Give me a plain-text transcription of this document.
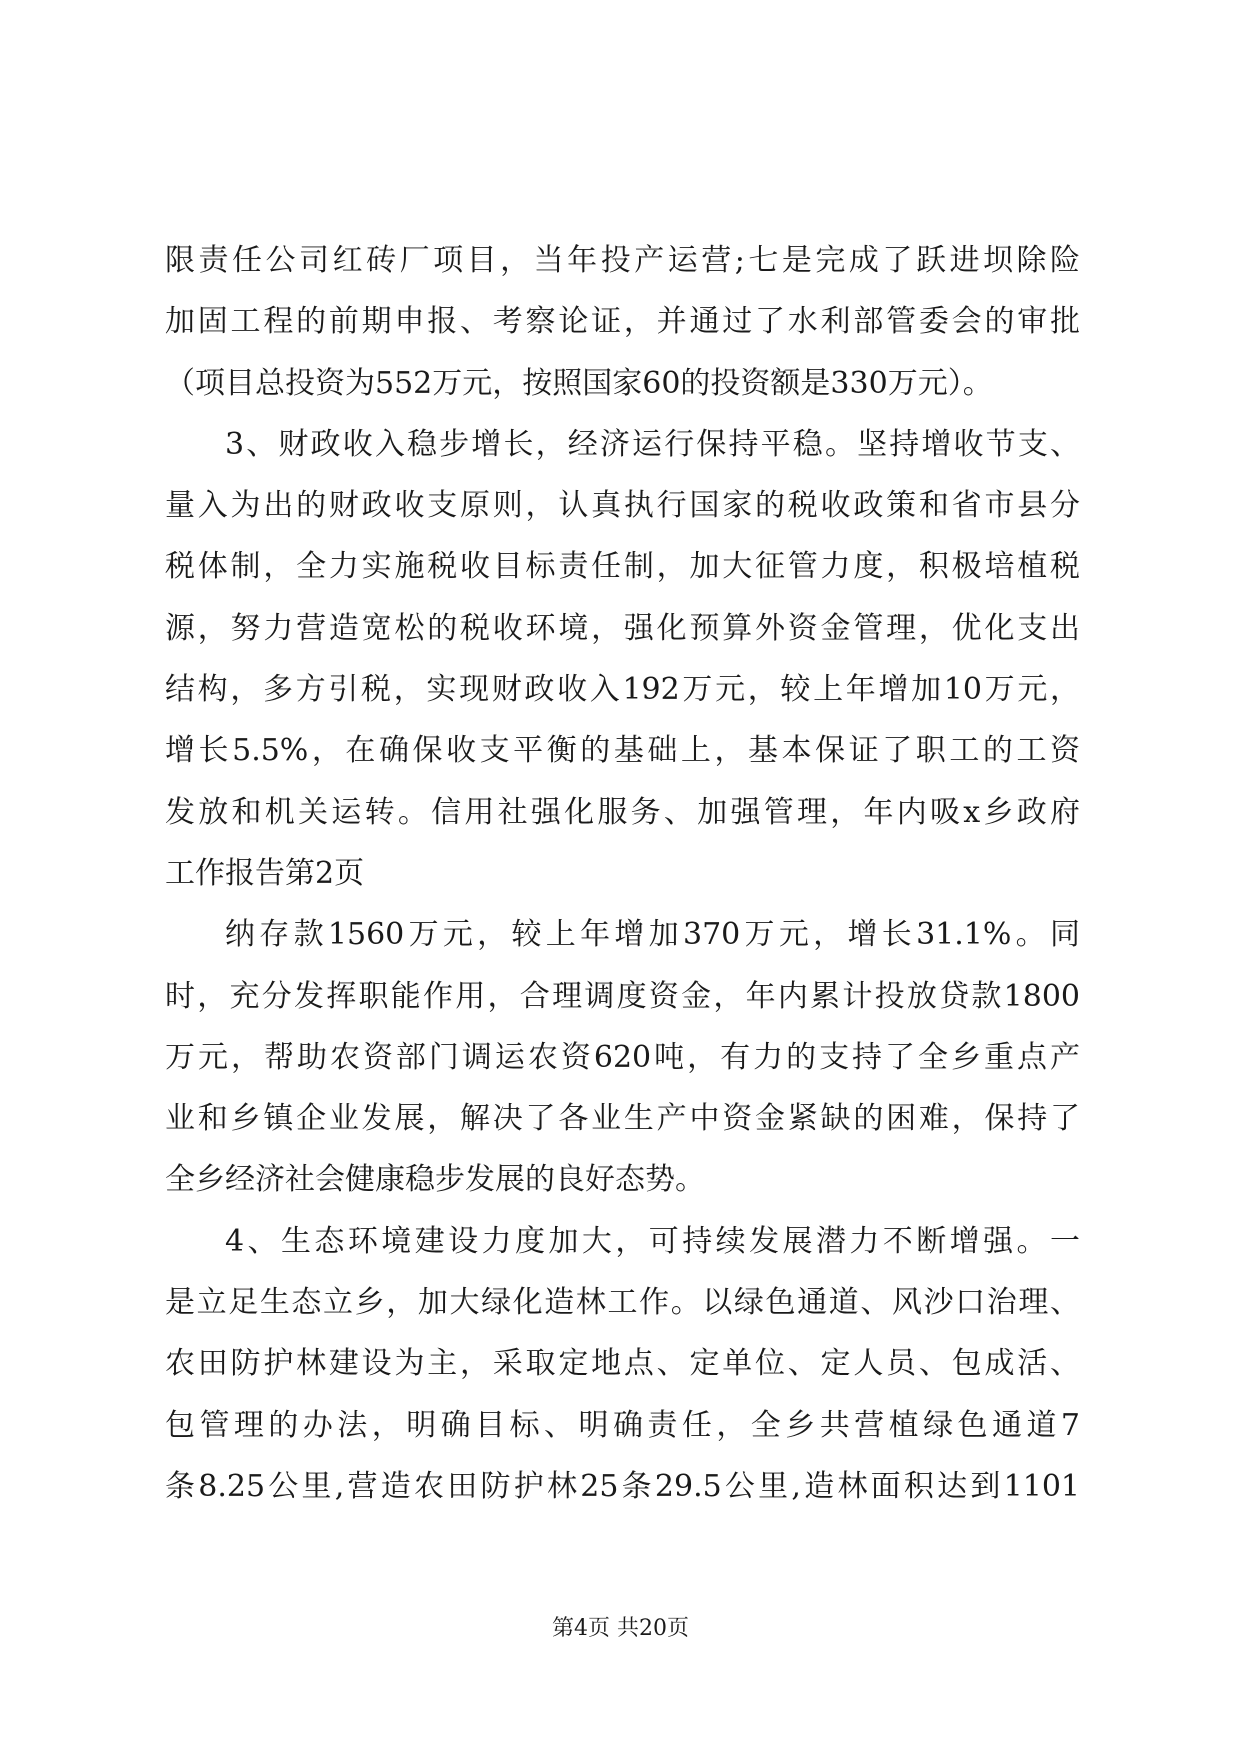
限责任公司红砖厂项目，当年投产运营;七是完成了跃进坝除险
加固工程的前期申报、考察论证，并通过了水利部管委会的审批
（项目总投资为552万元，按照国家60的投资额是330万元）。
3、财政收入稳步增长，经济运行保持平稳。坚持增收节支、
量入为出的财政收支原则，认真执行国家的税收政策和省市县分
税体制，全力实施税收目标责任制，加大征管力度，积极培植税
源，努力营造宽松的税收环境，强化预算外资金管理，优化支出
结构，多方引税，实现财政收入192万元，较上年增加10万元，
增长5.5%，在确保收支平衡的基础上，基本保证了职工的工资
发放和机关运转。信用社强化服务、加强管理，年内吸x乡政府
工作报告第2页
纳存款1560万元，较上年增加370万元，增长31.1%。同
时，充分发挥职能作用，合理调度资金，年内累计投放贷款1800
万元，帮助农资部门调运农资620吨，有力的支持了全乡重点产
业和乡镇企业发展，解决了各业生产中资金紧缺的困难，保持了
全乡经济社会健康稳步发展的良好态势。
4、生态环境建设力度加大，可持续发展潜力不断增强。一
是立足生态立乡，加大绿化造林工作。以绿色通道、风沙口治理、
农田防护林建设为主，采取定地点、定单位、定人员、包成活、
包管理的办法，明确目标、明确责任，全乡共营植绿色通道7
条8.25公里,营造农田防护林25条29.5公里,造林面积达到1101
第4页 共20页
